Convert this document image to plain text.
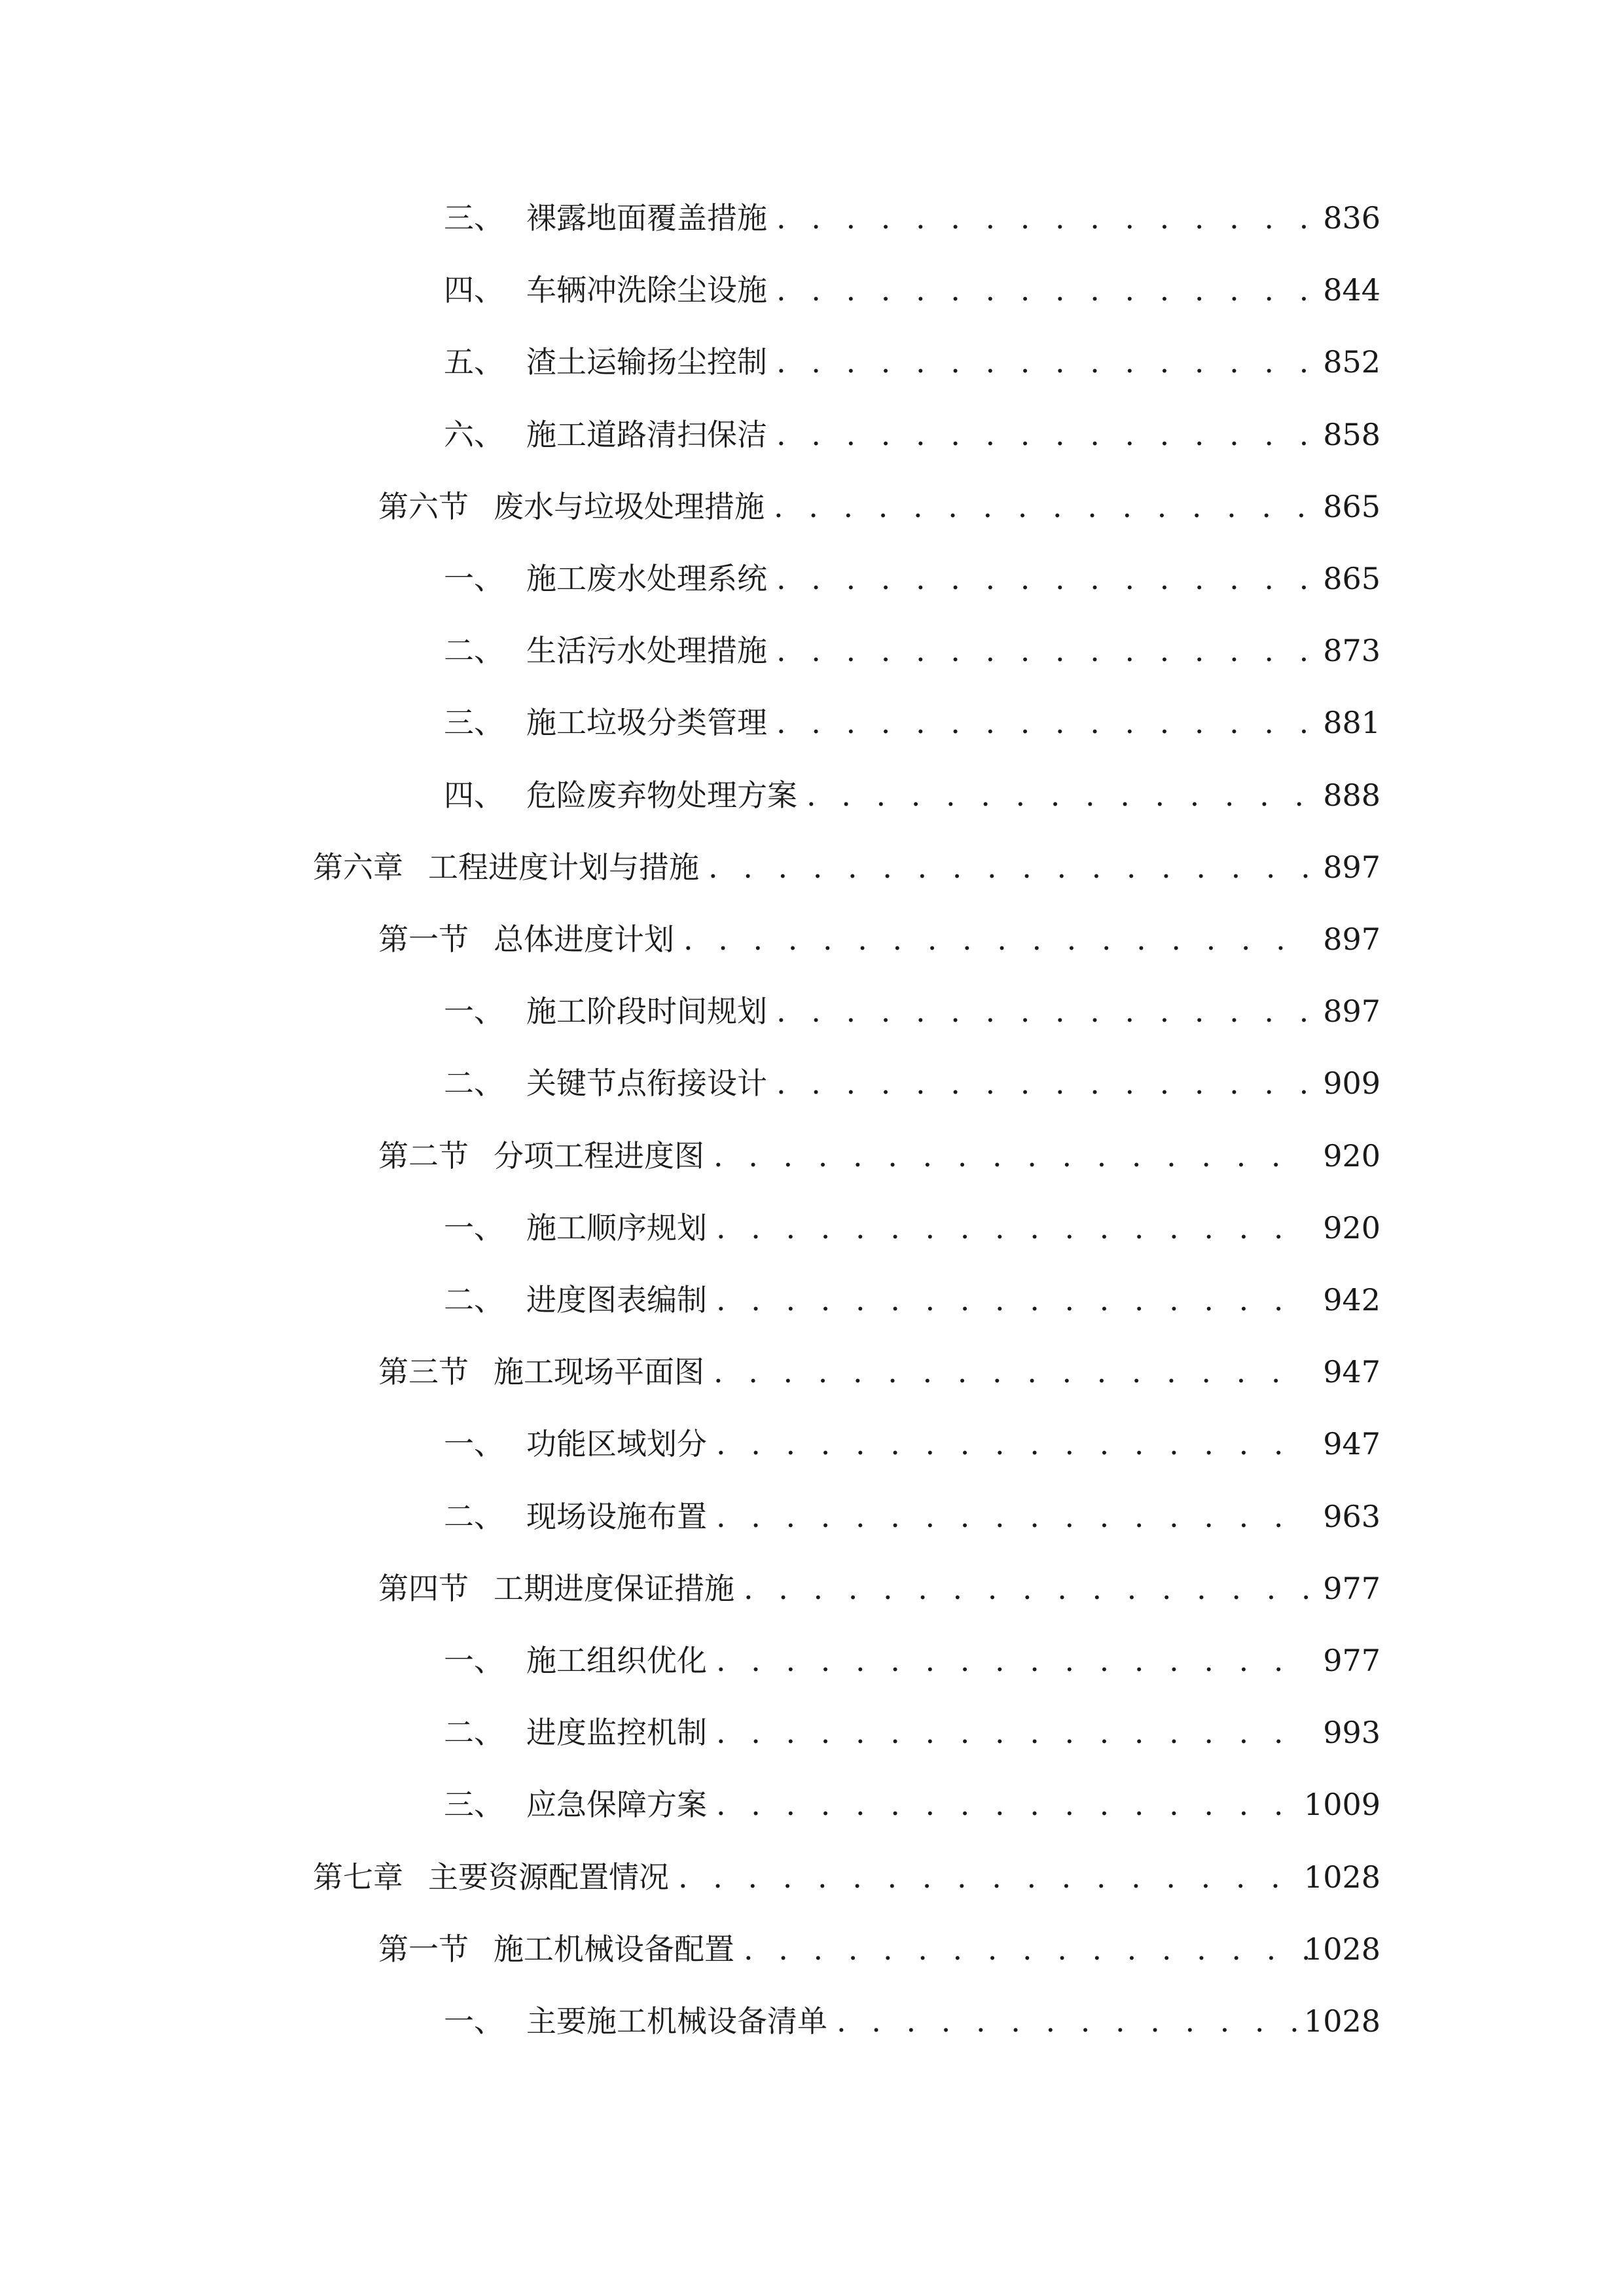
三、 裸露地面覆盖措施 . . .	836
四、 车辆冲洗除尘设施 . . .	844
五、 渣土运输扬尘控制 . . .	852
六、 施工道路清扫保洁 . . .	858
第六节 废水与垃圾处理措施 . . .	865
一、 施工废水处理系统 . . .	865
二、 生活污水处理措施 . . .	873
三、 施工垃圾分类管理 . . .	881
四、 危险废弃物处理方案 . . .	888
第六章 工程进度计划与措施 . . .	897
第一节 总体进度计划 . . .	897
一、 施工阶段时间规划 . . .	897
二、 关键节点衔接设计 . . .	909
第二节 分项工程进度图 . . .	920
一、 施工顺序规划 . . .	920
二、 进度图表编制 . . .	942
第三节 施工现场平面图 . . .	947
一、 功能区域划分 . . .	947
二、 现场设施布置 . . .	963
第四节 工期进度保证措施 . . .	977
一、 施工组织优化 . . .	977
二、 进度监控机制 . . .	993
三、 应急保障方案 . . .	1009
第七章 主要资源配置情况 . . .	1028
第一节 施工机械设备配置 . . .	1028
一、 主要施工机械设备清单 . . .	1028
